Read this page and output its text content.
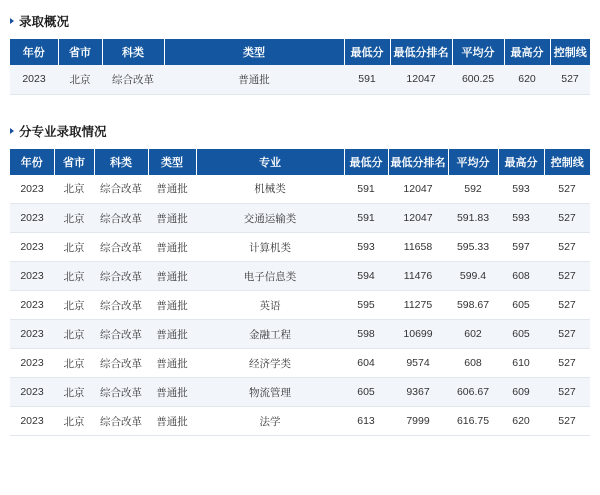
录取概况
年份	省市	科类	类型	最低分	最低分排名	平均分	最高分	控制线
2023	北京	综合改革	普通批	591	12047	600.25	620	527
分专业录取情况
年份	省市	科类	类型	专业	最低分	最低分排名	平均分	最高分	控制线
2023	北京	综合改革	普通批	机械类	591	12047	592	593	527
2023	北京	综合改革	普通批	交通运输类	591	12047	591.83	593	527
2023	北京	综合改革	普通批	计算机类	593	11658	595.33	597	527
2023	北京	综合改革	普通批	电子信息类	594	11476	599.4	608	527
2023	北京	综合改革	普通批	英语	595	11275	598.67	605	527
2023	北京	综合改革	普通批	金融工程	598	10699	602	605	527
2023	北京	综合改革	普通批	经济学类	604	9574	608	610	527
2023	北京	综合改革	普通批	物流管理	605	9367	606.67	609	527
2023	北京	综合改革	普通批	法学	613	7999	616.75	620	527
